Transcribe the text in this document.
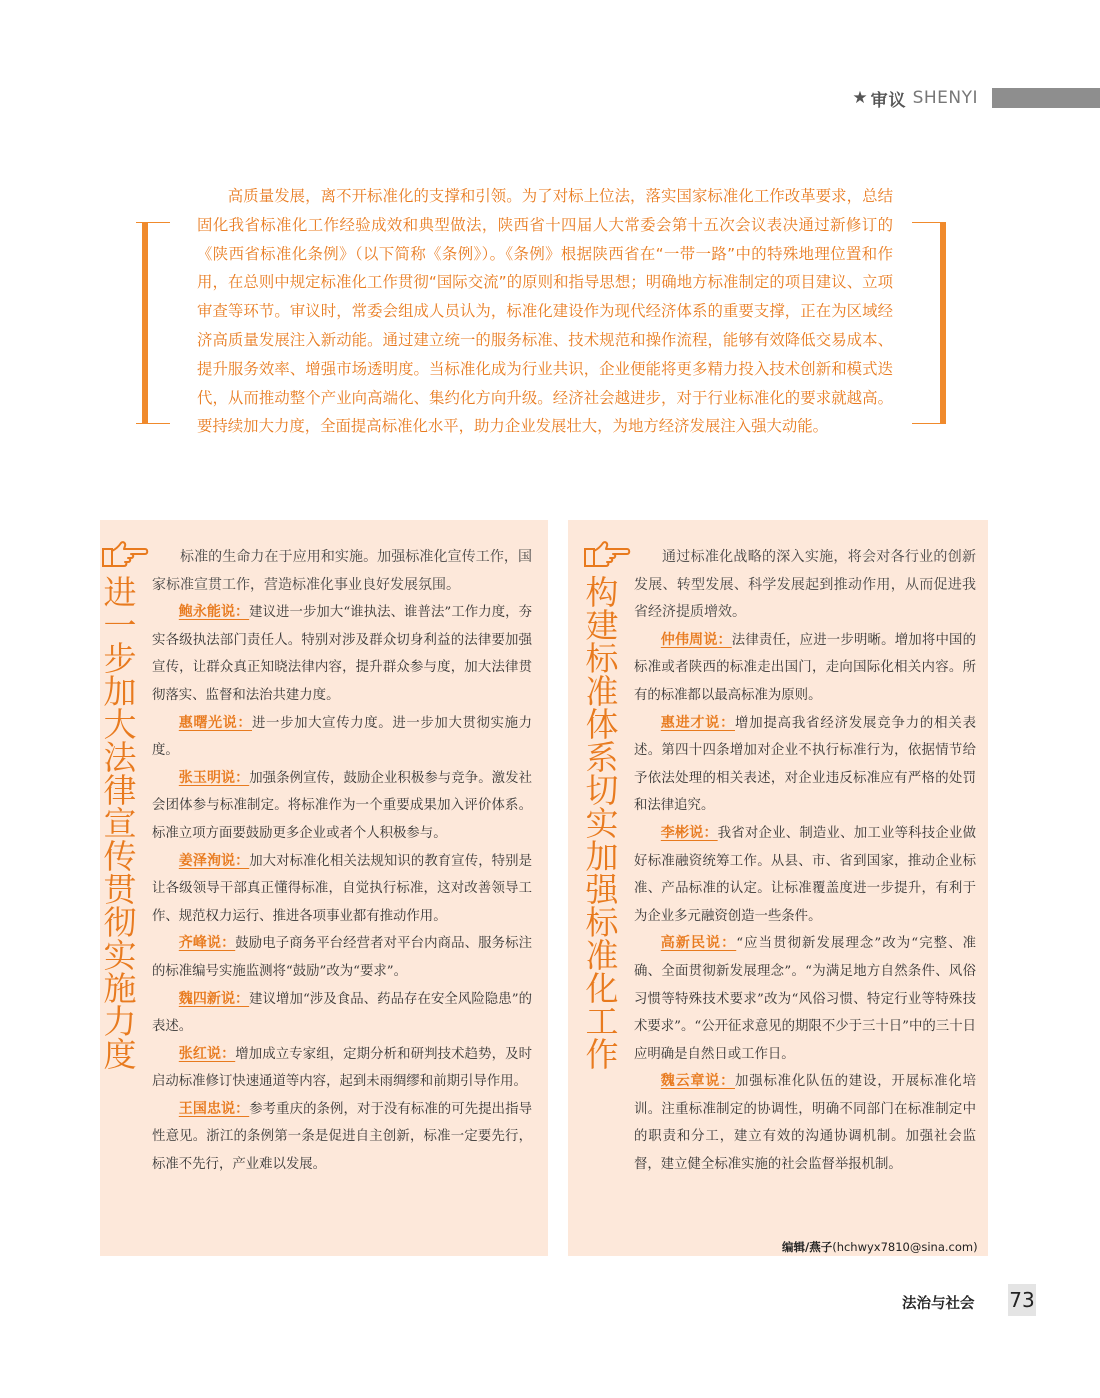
★ 审议 SHENYI
高质量发展，离不开标准化的支撑和引领。为了对标上位法，落实国家标准化工作改革要求，总结固化我省标准化工作经验成效和典型做法，陕西省十四届人大常委会第十五次会议表决通过新修订的《陕西省标准化条例》（以下简称《条例》）。《条例》根据陕西省在“一带一路”中的特殊地理位置和作用，在总则中规定标准化工作贯彻“国际交流”的原则和指导思想；明确地方标准制定的项目建议、立项审查等环节。审议时，常委会组成人员认为，标准化建设作为现代经济体系的重要支撑，正在为区域经济高质量发展注入新动能。通过建立统一的服务标准、技术规范和操作流程，能够有效降低交易成本、提升服务效率、增强市场透明度。当标准化成为行业共识，企业便能将更多精力投入技术创新和模式迭代，从而推动整个产业向高端化、集约化方向升级。经济社会越进步，对于行业标准化的要求就越高。要持续加大力度，全面提高标准化水平，助力企业发展壮大，为地方经济发展注入强大动能。
进一步加大法律宣传贯彻实施力度

标准的生命力在于应用和实施。加强标准化宣传工作，国家标准宣贯工作，营造标准化事业良好发展氛围。

鲍永能说：建议进一步加大“谁执法、谁普法”工作力度，夯实各级执法部门责任人。特别对涉及群众切身利益的法律要加强宣传，让群众真正知晓法律内容，提升群众参与度，加大法律贯彻落实、监督和法治共建力度。

惠曙光说：进一步加大宣传力度。进一步加大贯彻实施力度。

张玉明说：加强条例宣传，鼓励企业积极参与竞争。激发社会团体参与标准制定。将标准作为一个重要成果加入评价体系。标准立项方面要鼓励更多企业或者个人积极参与。

姜泽洵说：加大对标准化相关法规知识的教育宣传，特别是让各级领导干部真正懂得标准，自觉执行标准，这对改善领导工作、规范权力运行、推进各项事业都有推动作用。

齐峰说：鼓励电子商务平台经营者对平台内商品、服务标注的标准编号实施监测将“鼓励”改为“要求”。

魏四新说：建议增加“涉及食品、药品存在安全风险隐患”的表述。

张红说：增加成立专家组，定期分析和研判技术趋势，及时启动标准修订快速通道等内容，起到未雨绸缪和前期引导作用。

王国忠说：参考重庆的条例，对于没有标准的可先提出指导性意见。浙江的条例第一条是促进自主创新，标准一定要先行，标准不先行，产业难以发展。

构建标准体系切实加强标准化工作

通过标准化战略的深入实施，将会对各行业的创新发展、转型发展、科学发展起到推动作用，从而促进我省经济提质增效。

仲伟周说：法律责任，应进一步明晰。增加将中国的标准或者陕西的标准走出国门，走向国际化相关内容。所有的标准都以最高标准为原则。

惠进才说：增加提高我省经济发展竞争力的相关表述。第四十四条增加对企业不执行标准行为，依据情节给予依法处理的相关表述，对企业违反标准应有严格的处罚和法律追究。

李彬说：我省对企业、制造业、加工业等科技企业做好标准融资统筹工作。从县、市、省到国家，推动企业标准、产品标准的认定。让标准覆盖度进一步提升，有利于为企业多元融资创造一些条件。

高新民说：“应当贯彻新发展理念”改为“完整、准确、全面贯彻新发展理念”。“为满足地方自然条件、风俗习惯等特殊技术要求”改为“风俗习惯、特定行业等特殊技术要求”。“公开征求意见的期限不少于三十日”中的三十日应明确是自然日或工作日。

魏云章说：加强标准化队伍的建设，开展标准化培训。注重标准制定的协调性，明确不同部门在标准制定中的职责和分工，建立有效的沟通协调机制。加强社会监督，建立健全标准实施的社会监督举报机制。

编辑/燕子(hchwyx7810@sina.com)
法治与社会 73
